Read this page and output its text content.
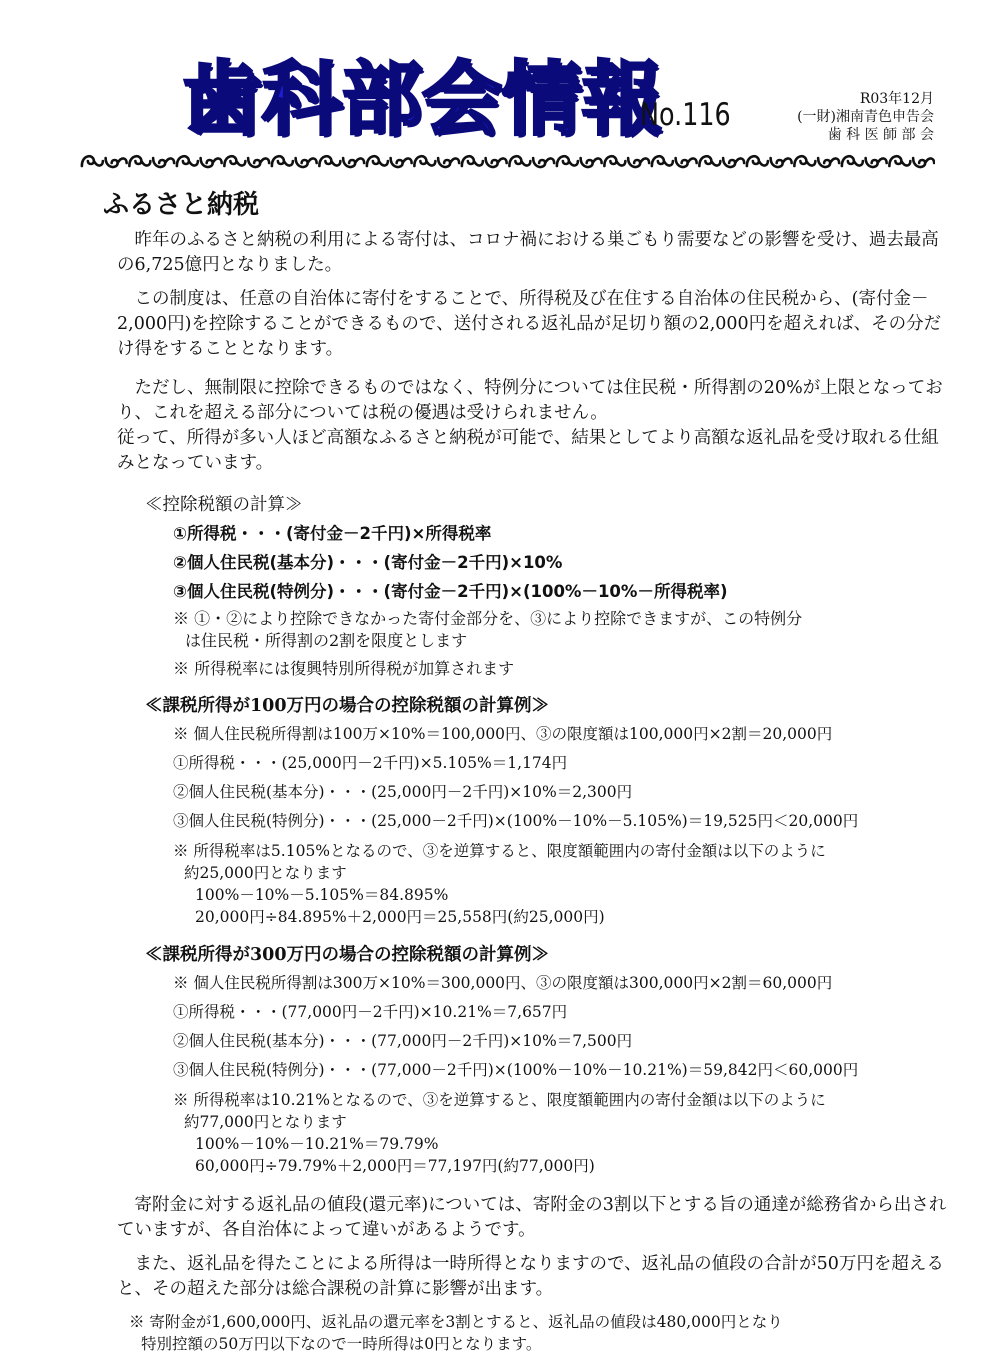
歯科部会情報
No.116	R03年12月
(一財)湘南青色申告会
歯 科 医 師 部 会
ふるさと納税

昨年のふるさと納税の利用による寄付は、コロナ禍における巣ごもり需要などの影響を受け、過去最高の6,725億円となりました。

この制度は、任意の自治体に寄付をすることで、所得税及び在住する自治体の住民税から、(寄付金－2,000円)を控除することができるもので、送付される返礼品が足切り額の2,000円を超えれば、その分だけ得をすることとなります。

ただし、無制限に控除できるものではなく、特例分については住民税・所得割の20%が上限となっており、これを超える部分については税の優遇は受けられません。

従って、所得が多い人ほど高額なふるさと納税が可能で、結果としてより高額な返礼品を受け取れる仕組みとなっています。

≪控除税額の計算≫
①所得税・・・(寄付金－2千円)×所得税率
②個人住民税(基本分)・・・(寄付金－2千円)×10%
③個人住民税(特例分)・・・(寄付金－2千円)×(100%－10%－所得税率)
※ ①・②により控除できなかった寄付金部分を、③により控除できますが、この特例分
は住民税・所得割の2割を限度とします
※ 所得税率には復興特別所得税が加算されます
≪課税所得が100万円の場合の控除税額の計算例≫
※ 個人住民税所得割は100万×10%＝100,000円、③の限度額は100,000円×2割＝20,000円
①所得税・・・(25,000円－2千円)×5.105%＝1,174円
②個人住民税(基本分)・・・(25,000円－2千円)×10%＝2,300円
③個人住民税(特例分)・・・(25,000－2千円)×(100%－10%－5.105%)＝19,525円＜20,000円
※ 所得税率は5.105%となるので、③を逆算すると、限度額範囲内の寄付金額は以下のように
約25,000円となります
100%－10%－5.105%＝84.895%
20,000円÷84.895%＋2,000円＝25,558円(約25,000円)
≪課税所得が300万円の場合の控除税額の計算例≫
※ 個人住民税所得割は300万×10%＝300,000円、③の限度額は300,000円×2割＝60,000円
①所得税・・・(77,000円－2千円)×10.21%＝7,657円
②個人住民税(基本分)・・・(77,000円－2千円)×10%＝7,500円
③個人住民税(特例分)・・・(77,000－2千円)×(100%－10%－10.21%)＝59,842円＜60,000円
※ 所得税率は10.21%となるので、③を逆算すると、限度額範囲内の寄付金額は以下のように
約77,000円となります
100%－10%－10.21%＝79.79%
60,000円÷79.79%＋2,000円＝77,197円(約77,000円)

寄附金に対する返礼品の値段(還元率)については、寄附金の3割以下とする旨の通達が総務省から出されていますが、各自治体によって違いがあるようです。

また、返礼品を得たことによる所得は一時所得となりますので、返礼品の値段の合計が50万円を超えると、その超えた部分は総合課税の計算に影響が出ます。

※ 寄附金が1,600,000円、返礼品の還元率を3割とすると、返礼品の値段は480,000円となり
特別控額の50万円以下なので一時所得は0円となります。
